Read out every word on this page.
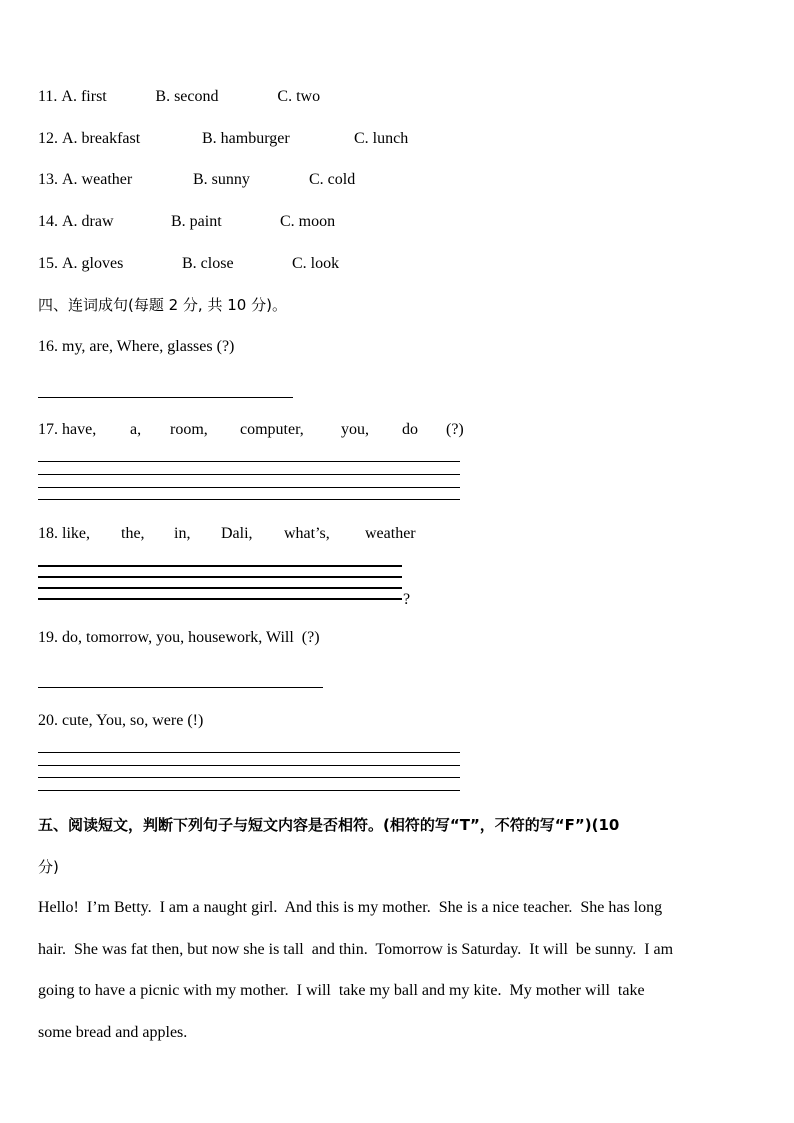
11. A. first	B. second	C. two
12. A. breakfast	B. hamburger	C. lunch
13. A. weather	B. sunny	C. cold
14. A. draw	B. paint	C. moon
15. A. gloves	B. close	C. look
四、连词成句(每题 2 分, 共 10 分)。
16. my, are, Where, glasses (?)
17. have, a, room, computer, you, do (?)
18. like, the, in, Dali, what’s, weather
?
19. do, tomorrow, you, housework, Will  (?)
20. cute, You, so, were (!)
五、阅读短文，判断下列句子与短文内容是否相符。(相符的写“T”，不符的写“F”)(10
分)
Hello!  I’m Betty.  I am a naught girl.  And this is my mother.  She is a nice teacher.  She has long
hair.  She was fat then, but now she is tall  and thin.  Tomorrow is Saturday.  It will  be sunny.  I am
going to have a picnic with my mother.  I will  take my ball and my kite.  My mother will  take
some bread and apples.
